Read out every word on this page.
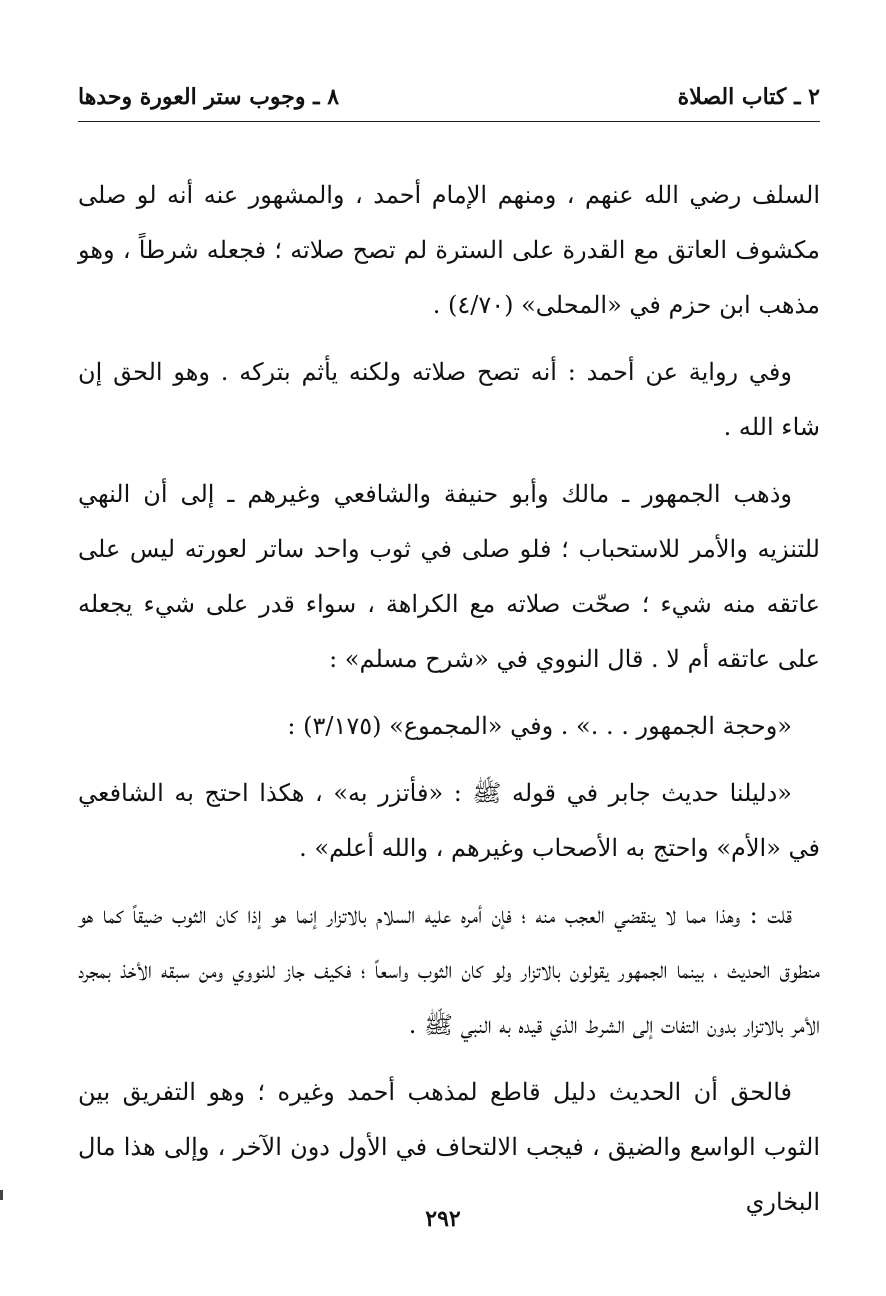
٢ ـ كتاب الصلاة
٨ ـ وجوب ستر العورة وحدها

السلف رضي الله عنهم ، ومنهم الإمام أحمد ، والمشهور عنه أنه لو صلى مكشوف العاتق مع القدرة على السترة لم تصح صلاته ؛ فجعله شرطاً ، وهو مذهب ابن حزم في «المحلى» (٤/٧٠) .

وفي رواية عن أحمد : أنه تصح صلاته ولكنه يأثم بتركه . وهو الحق إن شاء الله .

وذهب الجمهور ـ مالك وأبو حنيفة والشافعي وغيرهم ـ إلى أن النهي للتنزيه والأمر للاستحباب ؛ فلو صلى في ثوب واحد ساتر لعورته ليس على عاتقه منه شيء ؛ صحّت صلاته مع الكراهة ، سواء قدر على شيء يجعله على عاتقه أم لا . قال النووي في «شرح مسلم» :

«وحجة الجمهور . . .» . وفي «المجموع» (٣/١٧٥) :

«دليلنا حديث جابر في قوله ﷺ : «فأتزر به» ، هكذا احتج به الشافعي في «الأم» واحتج به الأصحاب وغيرهم ، والله أعلم» .

قلت : وهذا مما لا ينقضي العجب منه ؛ فإن أمره عليه السلام بالاتزار إنما هو إذا كان الثوب ضيقاً كما هو منطوق الحديث ، بينما الجمهور يقولون بالاتزار ولو كان الثوب واسعاً ؛ فكيف جاز للنووي ومن سبقه الأخذ بمجرد الأمر بالاتزار بدون التفات إلى الشرط الذي قيده به النبي ﷺ .

فالحق أن الحديث دليل قاطع لمذهب أحمد وغيره ؛ وهو التفريق بين الثوب الواسع والضيق ، فيجب الالتحاف في الأول دون الآخر ، وإلى هذا مال البخاري

٢٩٢
